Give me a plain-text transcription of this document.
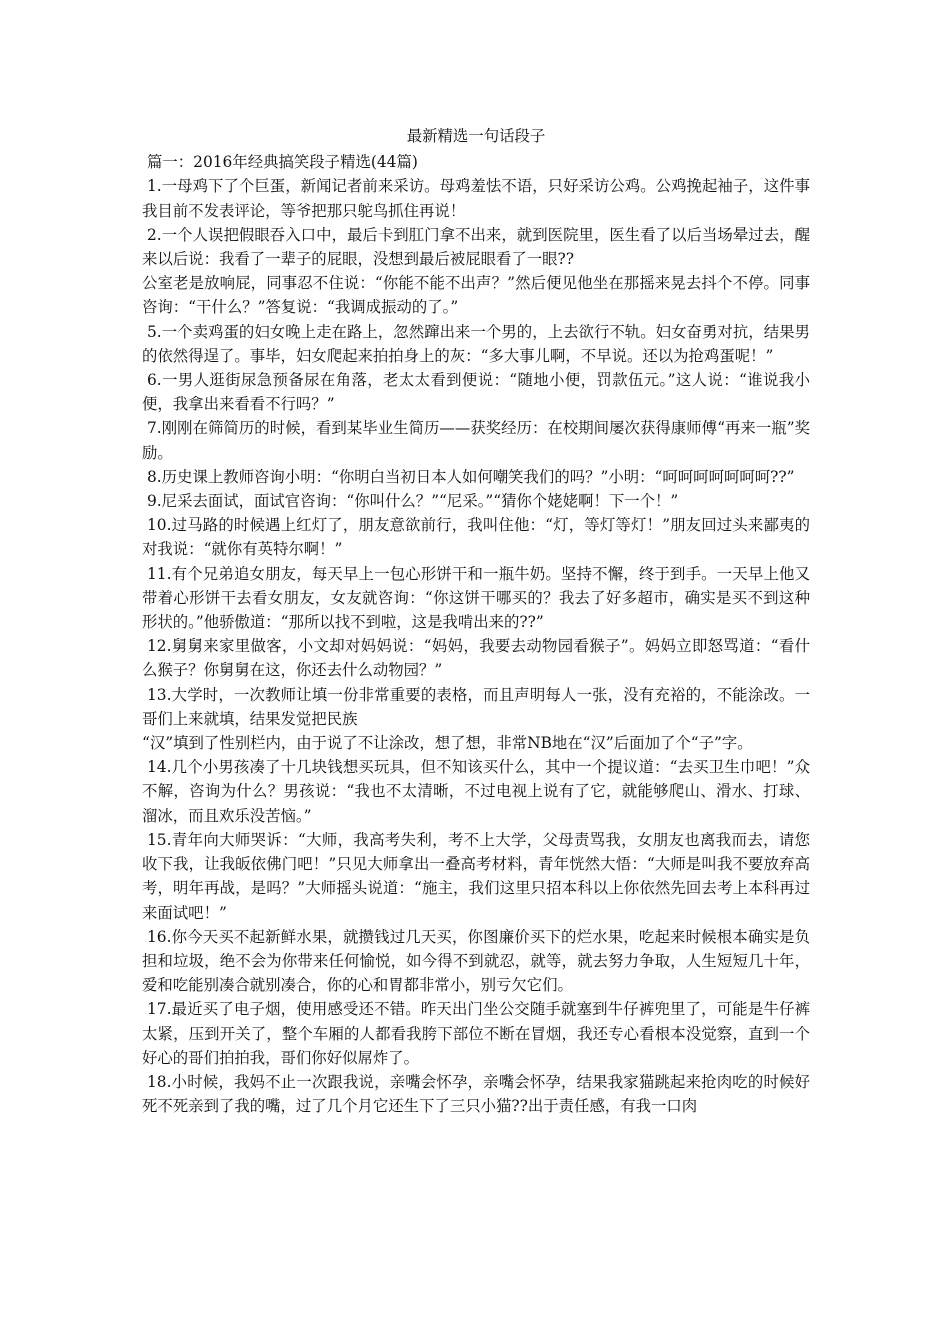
最新精选一句话段子
篇一：2016年经典搞笑段子精选(44篇)
1.一母鸡下了个巨蛋，新闻记者前来采访。母鸡羞怯不语，只好采访公鸡。公鸡挽起袖子，这件事我目前不发表评论，等爷把那只鸵鸟抓住再说！
2.一个人误把假眼吞入口中，最后卡到肛门拿不出来，就到医院里，医生看了以后当场晕过去，醒来以后说：我看了一辈子的屁眼，没想到最后被屁眼看了一眼??
公室老是放响屁，同事忍不住说：“你能不能不出声？”然后便见他坐在那摇来晃去抖个不停。同事咨询：“干什么？”答复说：“我调成振动的了。”
5.一个卖鸡蛋的妇女晚上走在路上，忽然蹿出来一个男的，上去欲行不轨。妇女奋勇对抗，结果男的依然得逞了。事毕，妇女爬起来拍拍身上的灰：“多大事儿啊，不早说。还以为抢鸡蛋呢！”
6.一男人逛街尿急预备尿在角落，老太太看到便说：“随地小便，罚款伍元。”这人说：“谁说我小便，我拿出来看看不行吗？”
7.刚刚在筛简历的时候，看到某毕业生简历——获奖经历：在校期间屡次获得康师傅“再来一瓶”奖励。
8.历史课上教师咨询小明：“你明白当初日本人如何嘲笑我们的吗？”小明：“呵呵呵呵呵呵呵??”
9.尼采去面试，面试官咨询：“你叫什么？”“尼采。”“猜你个姥姥啊！下一个！”
10.过马路的时候遇上红灯了，朋友意欲前行，我叫住他：“灯，等灯等灯！”朋友回过头来鄙夷的对我说：“就你有英特尔啊！”
11.有个兄弟追女朋友，每天早上一包心形饼干和一瓶牛奶。坚持不懈，终于到手。一天早上他又带着心形饼干去看女朋友，女友就咨询：“你这饼干哪买的？我去了好多超市，确实是买不到这种形状的。”他骄傲道：“那所以找不到啦，这是我啃出来的??”
12.舅舅来家里做客，小文却对妈妈说：“妈妈，我要去动物园看猴子”。妈妈立即怒骂道：“看什么猴子？你舅舅在这，你还去什么动物园？”
13.大学时，一次教师让填一份非常重要的表格，而且声明每人一张，没有充裕的，不能涂改。一哥们上来就填，结果发觉把民族
“汉”填到了性别栏内，由于说了不让涂改，想了想，非常NB地在“汉”后面加了个“子”字。
14.几个小男孩凑了十几块钱想买玩具，但不知该买什么，其中一个提议道：“去买卫生巾吧！”众不解，咨询为什么？男孩说：“我也不太清晰，不过电视上说有了它，就能够爬山、滑水、打球、溜冰，而且欢乐没苦恼。”
15.青年向大师哭诉：“大师，我高考失利，考不上大学，父母责骂我，女朋友也离我而去，请您收下我，让我皈依佛门吧！”只见大师拿出一叠高考材料，青年恍然大悟：“大师是叫我不要放弃高考，明年再战，是吗？”大师摇头说道：“施主，我们这里只招本科以上你依然先回去考上本科再过来面试吧！”
16.你今天买不起新鲜水果，就攒钱过几天买，你图廉价买下的烂水果，吃起来时候根本确实是负担和垃圾，绝不会为你带来任何愉悦，如今得不到就忍，就等，就去努力争取，人生短短几十年，爱和吃能别凑合就别凑合，你的心和胃都非常小，别亏欠它们。
17.最近买了电子烟，使用感受还不错。昨天出门坐公交随手就塞到牛仔裤兜里了，可能是牛仔裤太紧，压到开关了，整个车厢的人都看我胯下部位不断在冒烟，我还专心看根本没觉察，直到一个好心的哥们拍拍我，哥们你好似屌炸了。
18.小时候，我妈不止一次跟我说，亲嘴会怀孕，亲嘴会怀孕，结果我家猫跳起来抢肉吃的时候好死不死亲到了我的嘴，过了几个月它还生下了三只小猫??出于责任感，有我一口肉
